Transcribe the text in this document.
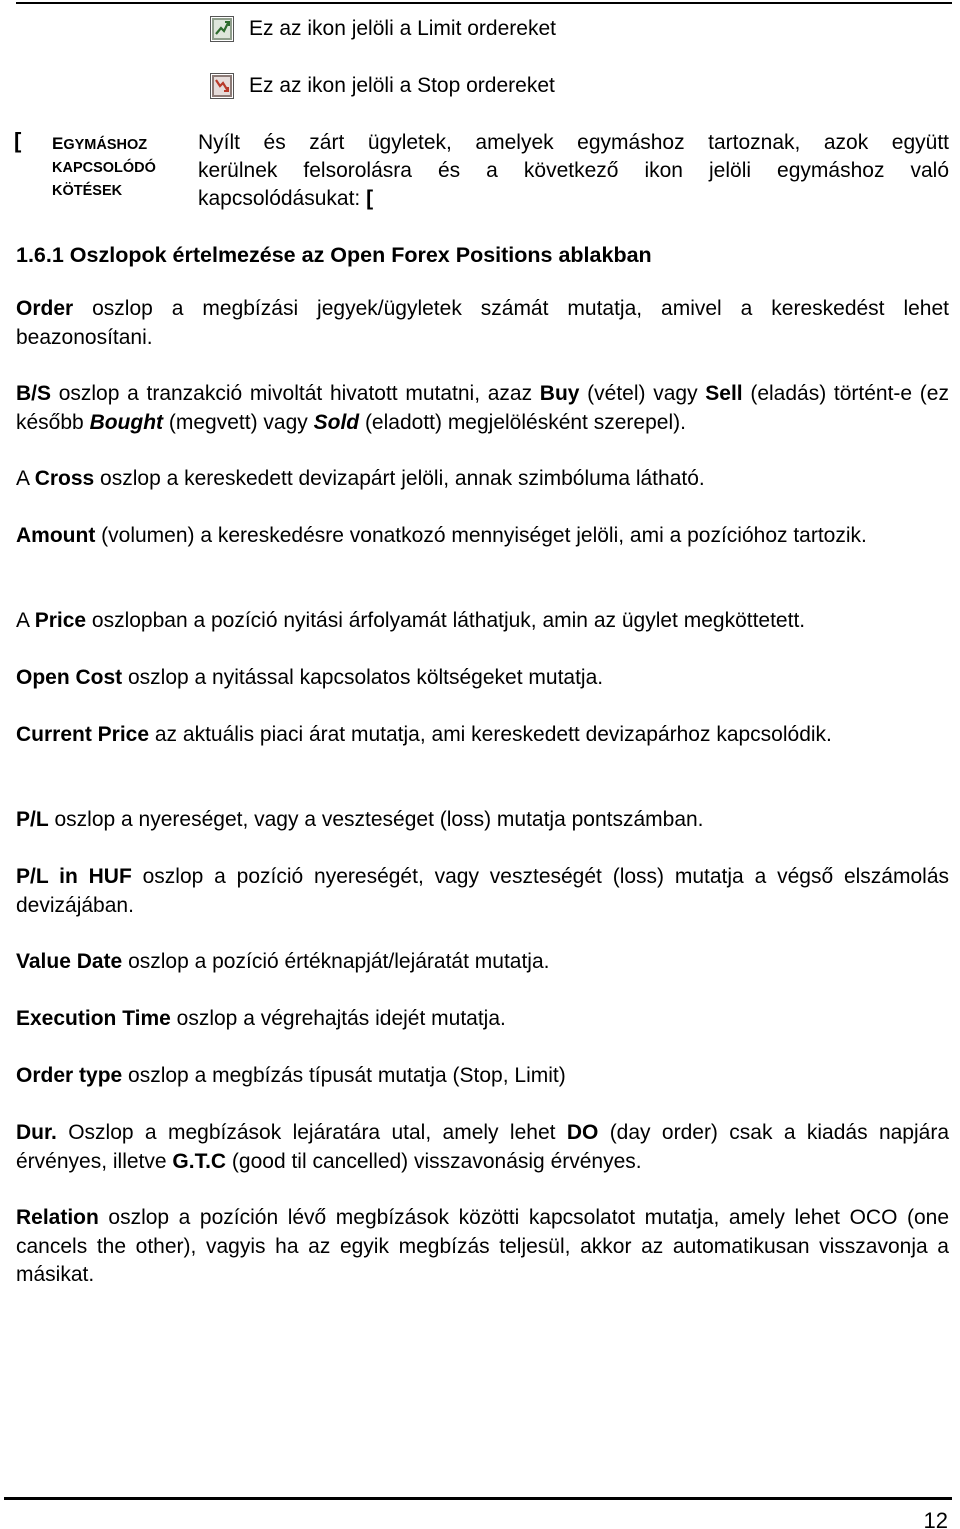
Ez az ikon jelöli a Limit ordereket
Ez az ikon jelöli a Stop ordereket
[ EGYMÁSHOZ
KAPCSOLÓDÓ
KÖTÉSEK
Nyílt és zárt ügyletek, amelyek egymáshoz tartoznak, azok együtt
kerülnek felsorolásra és a következő ikon jelöli egymáshoz való
kapcsolódásukat: [
1.6.1 Oszlopok értelmezése az Open Forex Positions ablakban
Order oszlop a megbízási jegyek/ügyletek számát mutatja, amivel a kereskedést lehet beazonosítani.
B/S oszlop a tranzakció mivoltát hivatott mutatni, azaz Buy (vétel) vagy Sell (eladás) történt-e (ez később Bought (megvett) vagy Sold (eladott) megjelölésként szerepel).
A Cross oszlop a kereskedett devizapárt jelöli, annak szimbóluma látható.
Amount (volumen) a kereskedésre vonatkozó mennyiséget jelöli, ami a pozícióhoz tartozik.
A Price oszlopban a pozíció nyitási árfolyamát láthatjuk, amin az ügylet megköttetett.
Open Cost oszlop a nyitással kapcsolatos költségeket mutatja.
Current Price az aktuális piaci árat mutatja, ami kereskedett devizapárhoz kapcsolódik.
P/L oszlop a nyereséget, vagy a veszteséget (loss) mutatja pontszámban.
P/L in HUF oszlop a pozíció nyereségét, vagy veszteségét (loss) mutatja a végső elszámolás devizájában.
Value Date oszlop a pozíció értéknapját/lejáratát mutatja.
Execution Time oszlop a végrehajtás idejét mutatja.
Order type oszlop a megbízás típusát mutatja (Stop, Limit)
Dur. Oszlop a megbízások lejáratára utal, amely lehet DO (day order) csak a kiadás napjára érvényes, illetve G.T.C (good til cancelled) visszavonásig érvényes.
Relation oszlop a pozíción lévő megbízások közötti kapcsolatot mutatja, amely lehet OCO (one cancels the other), vagyis ha az egyik megbízás teljesül, akkor az automatikusan visszavonja a másikat.
12
